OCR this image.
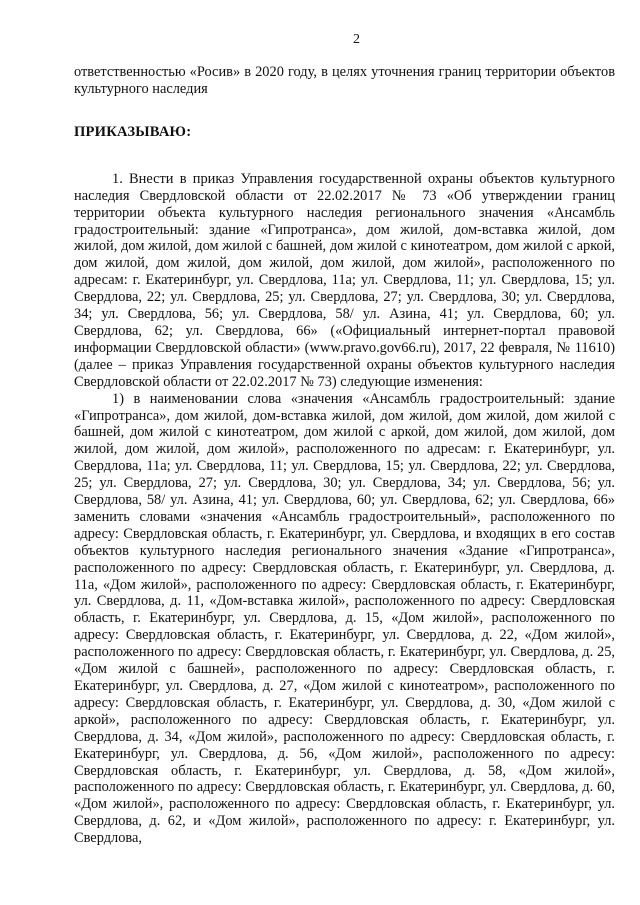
2

ответственностью «Росив» в 2020 году, в целях уточнения границ территории объектов культурного наследия

ПРИКАЗЫВАЮ:

1. Внести в приказ Управления государственной охраны объектов культурного наследия Свердловской области от 22.02.2017 № 73 «Об утверждении границ территории объекта культурного наследия регионального значения «Ансамбль градостроительный: здание «Гипротранса», дом жилой, дом-вставка жилой, дом жилой, дом жилой, дом жилой с башней, дом жилой с кинотеатром, дом жилой с аркой, дом жилой, дом жилой, дом жилой, дом жилой, дом жилой», расположенного по адресам: г. Екатеринбург, ул. Свердлова, 11а; ул. Свердлова, 11; ул. Свердлова, 15; ул. Свердлова, 22; ул. Свердлова, 25; ул. Свердлова, 27; ул. Свердлова, 30; ул. Свердлова, 34; ул. Свердлова, 56; ул. Свердлова, 58/ ул. Азина, 41; ул. Свердлова, 60; ул. Свердлова, 62; ул. Свердлова, 66» («Официальный интернет-портал правовой информации Свердловской области» (www.pravo.gov66.ru), 2017, 22 февраля, № 11610) (далее – приказ Управления государственной охраны объектов культурного наследия Свердловской области от 22.02.2017 № 73) следующие изменения:

1) в наименовании слова «значения «Ансамбль градостроительный: здание «Гипротранса», дом жилой, дом-вставка жилой, дом жилой, дом жилой, дом жилой с башней, дом жилой с кинотеатром, дом жилой с аркой, дом жилой, дом жилой, дом жилой, дом жилой, дом жилой», расположенного по адресам: г. Екатеринбург, ул. Свердлова, 11а; ул. Свердлова, 11; ул. Свердлова, 15; ул. Свердлова, 22; ул. Свердлова, 25; ул. Свердлова, 27; ул. Свердлова, 30; ул. Свердлова, 34; ул. Свердлова, 56; ул. Свердлова, 58/ ул. Азина, 41; ул. Свердлова, 60; ул. Свердлова, 62; ул. Свердлова, 66» заменить словами «значения «Ансамбль градостроительный», расположенного по адресу: Свердловская область, г. Екатеринбург, ул. Свердлова, и входящих в его состав объектов культурного наследия регионального значения «Здание «Гипротранса», расположенного по адресу: Свердловская область, г. Екатеринбург, ул. Свердлова, д. 11а, «Дом жилой», расположенного по адресу: Свердловская область, г. Екатеринбург, ул. Свердлова, д. 11, «Дом-вставка жилой», расположенного по адресу: Свердловская область, г. Екатеринбург, ул. Свердлова, д. 15, «Дом жилой», расположенного по адресу: Свердловская область, г. Екатеринбург, ул. Свердлова, д. 22, «Дом жилой», расположенного по адресу: Свердловская область, г. Екатеринбург, ул. Свердлова, д. 25, «Дом жилой с башней», расположенного по адресу: Свердловская область, г. Екатеринбург, ул. Свердлова, д. 27, «Дом жилой с кинотеатром», расположенного по адресу: Свердловская область, г. Екатеринбург, ул. Свердлова, д. 30, «Дом жилой с аркой», расположенного по адресу: Свердловская область, г. Екатеринбург, ул. Свердлова, д. 34, «Дом жилой», расположенного по адресу: Свердловская область, г. Екатеринбург, ул. Свердлова, д. 56, «Дом жилой», расположенного по адресу: Свердловская область, г. Екатеринбург, ул. Свердлова, д. 58, «Дом жилой», расположенного по адресу: Свердловская область, г. Екатеринбург, ул. Свердлова, д. 60, «Дом жилой», расположенного по адресу: Свердловская область, г. Екатеринбург, ул. Свердлова, д. 62, и «Дом жилой», расположенного по адресу: г. Екатеринбург, ул. Свердлова,
